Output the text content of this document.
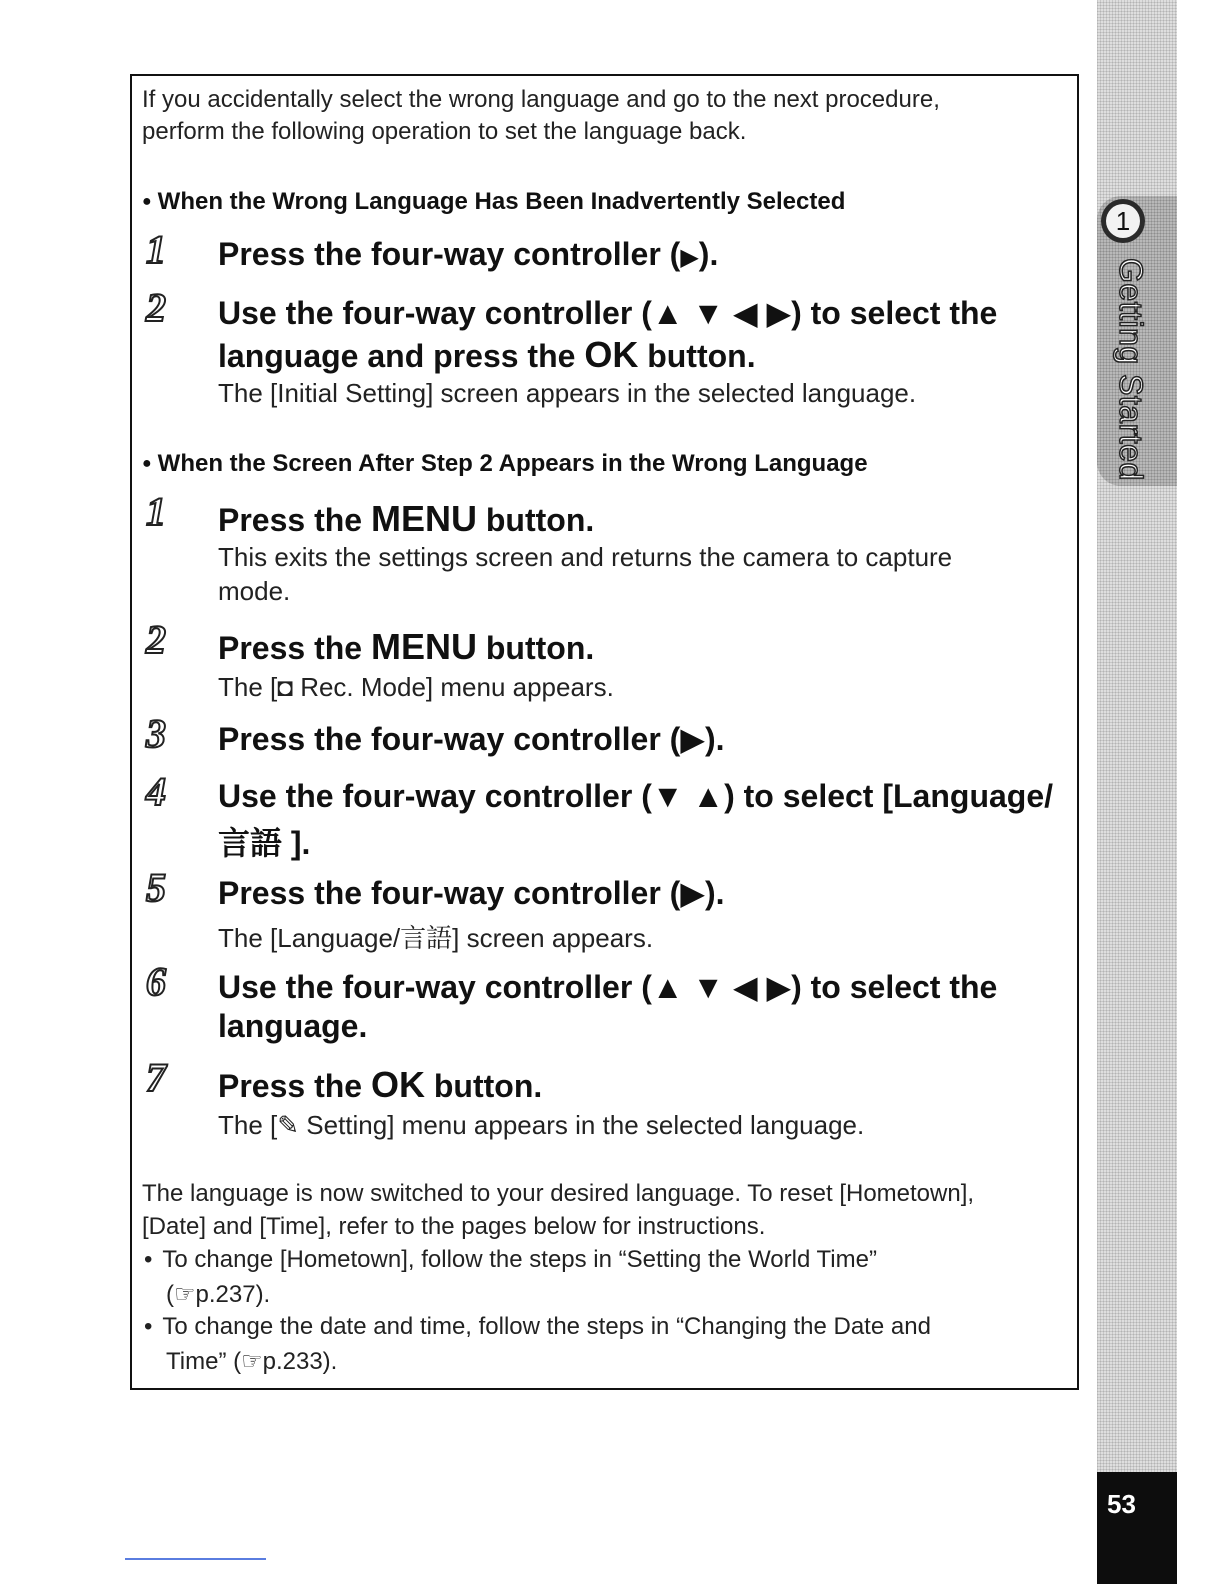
1
Getting Started
53
If you accidentally select the wrong language and go to the next procedure,
perform the following operation to set the language back.
● When the Wrong Language Has Been Inadvertently Selected
1 Press the four-way controller (▶).
2 Use the four-way controller (▲ ▼ ◀ ▶) to select the
language and press the OK button.
The [Initial Setting] screen appears in the selected language.
● When the Screen After Step 2 Appears in the Wrong Language
1 Press the MENU button.
This exits the settings screen and returns the camera to capture
mode.
2 Press the MENU button.
The [◘ Rec. Mode] menu appears.
3 Press the four-way controller (▶).
4 Use the four-way controller (▼ ▲) to select [Language/
言語 ].
5 Press the four-way controller (▶).
The [Language/言語] screen appears.
6 Use the four-way controller (▲ ▼ ◀ ▶) to select the
language.
7 Press the OK button.
The [✎ Setting] menu appears in the selected language.
The language is now switched to your desired language. To reset [Hometown],
[Date] and [Time], refer to the pages below for instructions.
• To change [Hometown], follow the steps in “Setting the World Time”
(☞p.237).
• To change the date and time, follow the steps in “Changing the Date and
Time” (☞p.233).
